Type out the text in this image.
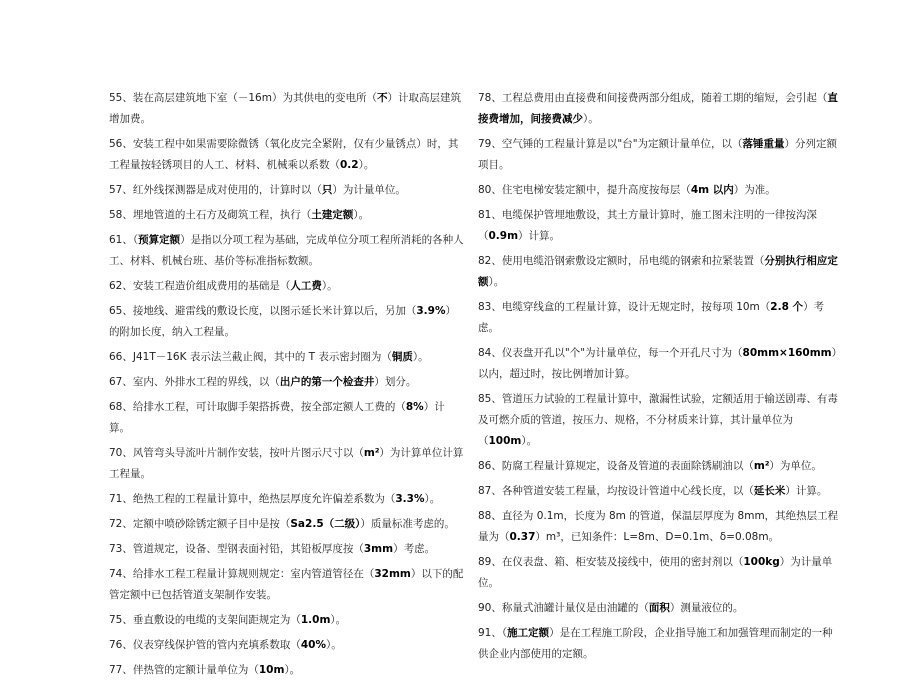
55、装在高层建筑地下室（－16m）为其供电的变电所（不）计取高层建筑增加费。
56、安装工程中如果需要除微锈（氧化皮完全紧附，仅有少量锈点）时，其工程量按轻锈项目的人工、材料、机械乘以系数（0.2）。
57、红外线探测器是成对使用的，计算时以（只）为计量单位。
58、埋地管道的土石方及砌筑工程，执行（土建定额）。
61、（预算定额）是指以分项工程为基础，完成单位分项工程所消耗的各种人工、材料、机械台班、基价等标准指标数额。
62、安装工程造价组成费用的基础是（人工费）。
65、接地线、避雷线的敷设长度，以图示延长米计算以后，另加（3.9%）的附加长度，纳入工程量。
66、J41T－16K 表示法兰截止阀，其中的 T 表示密封圈为（铜质）。
67、室内、外排水工程的界线，以（出户的第一个检查井）划分。
68、给排水工程，可计取脚手架搭拆费，按全部定额人工费的（8%）计算。
70、风管弯头导流叶片制作安装，按叶片图示尺寸以（m²）为计算单位计算工程量。
71、绝热工程的工程量计算中，绝热层厚度允许偏差系数为（3.3%）。
72、定额中喷砂除锈定额子目中是按（Sa2.5（二级））质量标准考虑的。
73、管道规定，设备、型钢表面衬铅，其铅板厚度按（3mm）考虑。
74、给排水工程工程量计算规则规定：室内管道管径在（32mm）以下的配管定额中已包括管道支架制作安装。
75、垂直敷设的电缆的支架间距规定为（1.0m）。
76、仪表穿线保护管的管内充填系数取（40%）。
77、伴热管的定额计量单位为（10m）。
78、工程总费用由直接费和间接费两部分组成，随着工期的缩短，会引起（直接费增加，间接费减少）。
79、空气锤的工程量计算是以"台"为定额计量单位，以（落锤重量）分列定额项目。
80、住宅电梯安装定额中，提升高度按每层（4m 以内）为准。
81、电缆保护管埋地敷设，其土方量计算时，施工图未注明的一律按沟深（0.9m）计算。
82、使用电缆沿钢索敷设定额时，吊电缆的钢索和拉紧装置（分别执行相应定额）。
83、电缆穿线盒的工程量计算，设计无规定时，按每项 10m（2.8 个）考虑。
84、仪表盘开孔以"个"为计量单位，每一个开孔尺寸为（80mm×160mm）以内，超过时，按比例增加计算。
85、管道压力试验的工程量计算中，激漏性试验，定额适用于输送剧毒、有毒及可燃介质的管道，按压力、规格，不分材质来计算，其计量单位为（100m）。
86、防腐工程量计算规定，设备及管道的表面除锈刷油以（m²）为单位。
87、各种管道安装工程量，均按设计管道中心线长度，以（延长米）计算。
88、直径为 0.1m，长度为 8m 的管道，保温层厚度为 8mm，其绝热层工程量为（0.37）m³，已知条件：L=8m、D=0.1m、δ=0.08m。
89、在仪表盘、箱、柜安装及接线中，使用的密封剂以（100kg）为计量单位。
90、称量式油罐计量仪是由油罐的（面积）测量液位的。
91、（施工定额）是在工程施工阶段，企业指导施工和加强管理而制定的一种供企业内部使用的定额。
